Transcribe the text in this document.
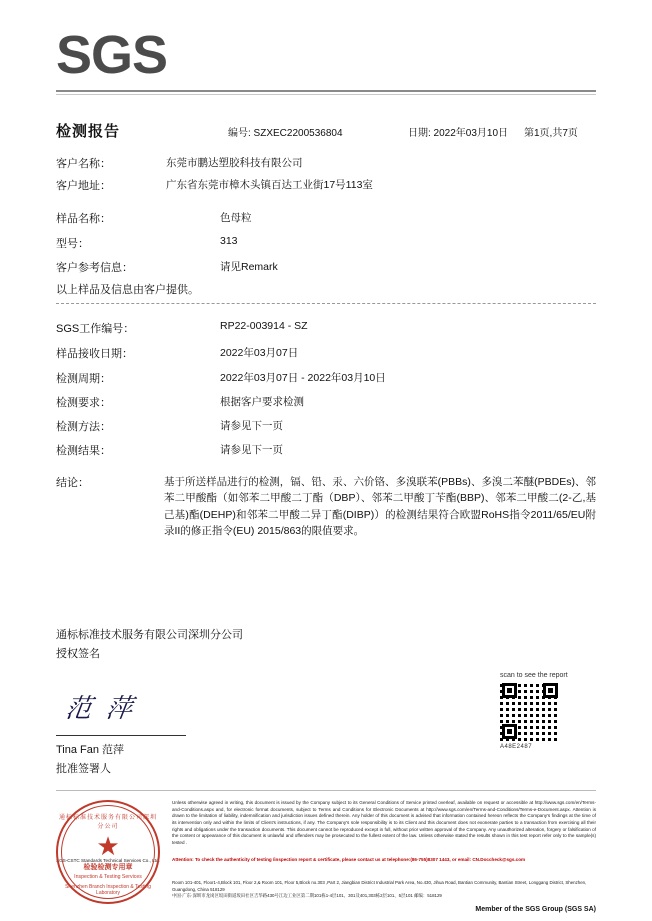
SGS
检测报告	编号: SZXEC2200536804	日期: 2022年03月10日 第1页,共7页
客户名称：	东莞市鹏达塑胶科技有限公司
客户地址：	广东省东莞市樟木头镇百达工业街17号113室
样品名称：	色母粒
型号：	313
客户参考信息：	请见Remark
以上样品及信息由客户提供。
SGS工作编号：	RP22-003914 - SZ
样品接收日期：	2022年03月07日
检测周期：	2022年03月07日 - 2022年03月10日
检测要求：	根据客户要求检测
检测方法：	请参见下一页
检测结果：	请参见下一页
结论：	基于所送样品进行的检测，镉、铅、汞、六价铬、多溴联苯(PBBs)、多溴二苯醚(PBDEs)、邻苯二甲酸酯（如邻苯二甲酸二丁酯（DBP）、邻苯二甲酸丁苄酯(BBP)、邻苯二甲酸二(2-乙,基己基)酯(DEHP)和邻苯二甲酸二异丁酯(DIBP)）的检测结果符合欧盟RoHS指令2011/65/EU附录II的修正指令(EU) 2015/863的限值要求。
通标标准技术服务有限公司深圳分公司
授权签名
范 萍
Tina Fan 范萍
批准签署人
scan to see the report
A48E2487
Unless otherwise agreed in writing, this document is issued by the Company subject to its General Conditions of Service printed overleaf, available on request or accessible at http://www.sgs.com/en/Terms-and-Conditions.aspx and, for electronic format documents, subject to Terms and Conditions for Electronic Documents at http://www.sgs.com/en/Terms-and-Conditions/Terms-e-Document.aspx. Attention is drawn to the limitation of liability, indemnification and jurisdiction issues defined therein. Any holder of this document is advised that information contained hereon reflects the Company's findings at the time of its intervention only and within the limits of Client's instructions, if any. The Company's sole responsibility is to its Client and this document does not exonerate parties to a transaction from exercising all their rights and obligations under the transaction documents. This document cannot be reproduced except in full, without prior written approval of the Company. Any unauthorized alteration, forgery or falsification of the content or appearance of this document is unlawful and offenders may be prosecuted to the fullest extent of the law. Unless otherwise stated the results shown in this test report refer only to the sample(s) tested .
Attention: To check the authenticity of testing /inspection report & certificate, please contact us at telephone:(86-755)8307 1443, or email: CN.Doccheck@sgs.com
Room 101-401, Floor1-4,Block 101, Floor 2,& Room 101, Floor 5,Block no.303 ,Part 2, Jiangbian District Industrial Park Area, No.430, Jihua Road, Bantian Community, Bantian Street, Longgang District, Shenzhen, Guangdong, China 518129
中国·广东·深圳市龙岗区坂田街道坂田社区吉华路430号江边工业区第二期101栋1-4层101、301及401,303栋2层101、5层101 邮编：518129
SGS-CSTC Standards Technical Services Co., Ltd.
Member of the SGS Group (SGS SA)
通标标准技术服务有限公司深圳分公司
★
检验检测专用章
Inspection & Testing Services
Shenzhen Branch Inspection & Testing Laboratory
